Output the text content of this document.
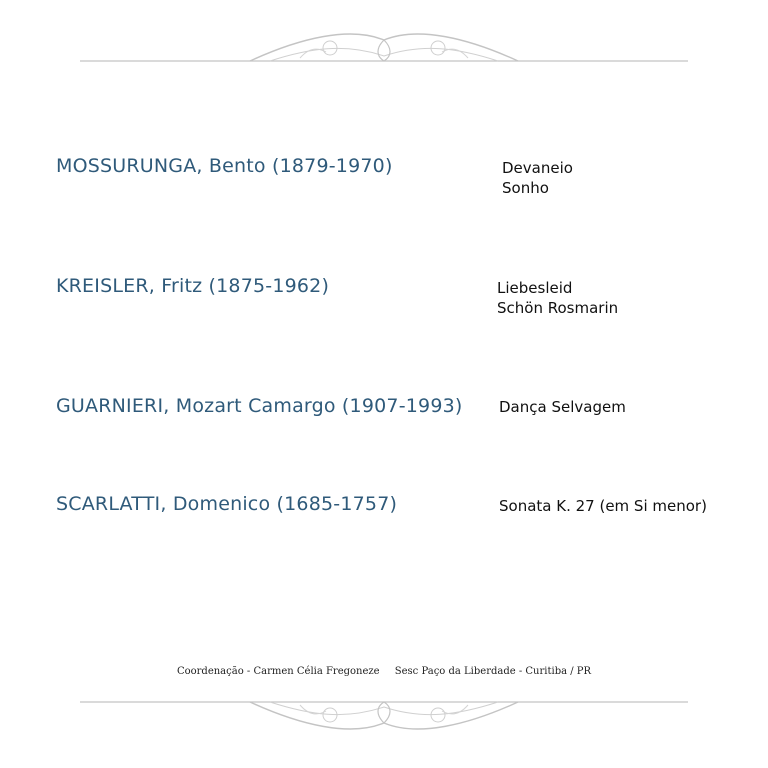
MOSSURUNGA, Bento (1879-1970)	Devaneio
Sonho
KREISLER, Fritz (1875-1962)	Liebesleid
Schön Rosmarin
GUARNIERI, Mozart Camargo (1907-1993) Dança Selvagem
SCARLATTI, Domenico (1685-1757)	Sonata K. 27 (em Si menor)
Coordenação - Carmen Célia Fregoneze Sesc Paço da Liberdade - Curitiba / PR
